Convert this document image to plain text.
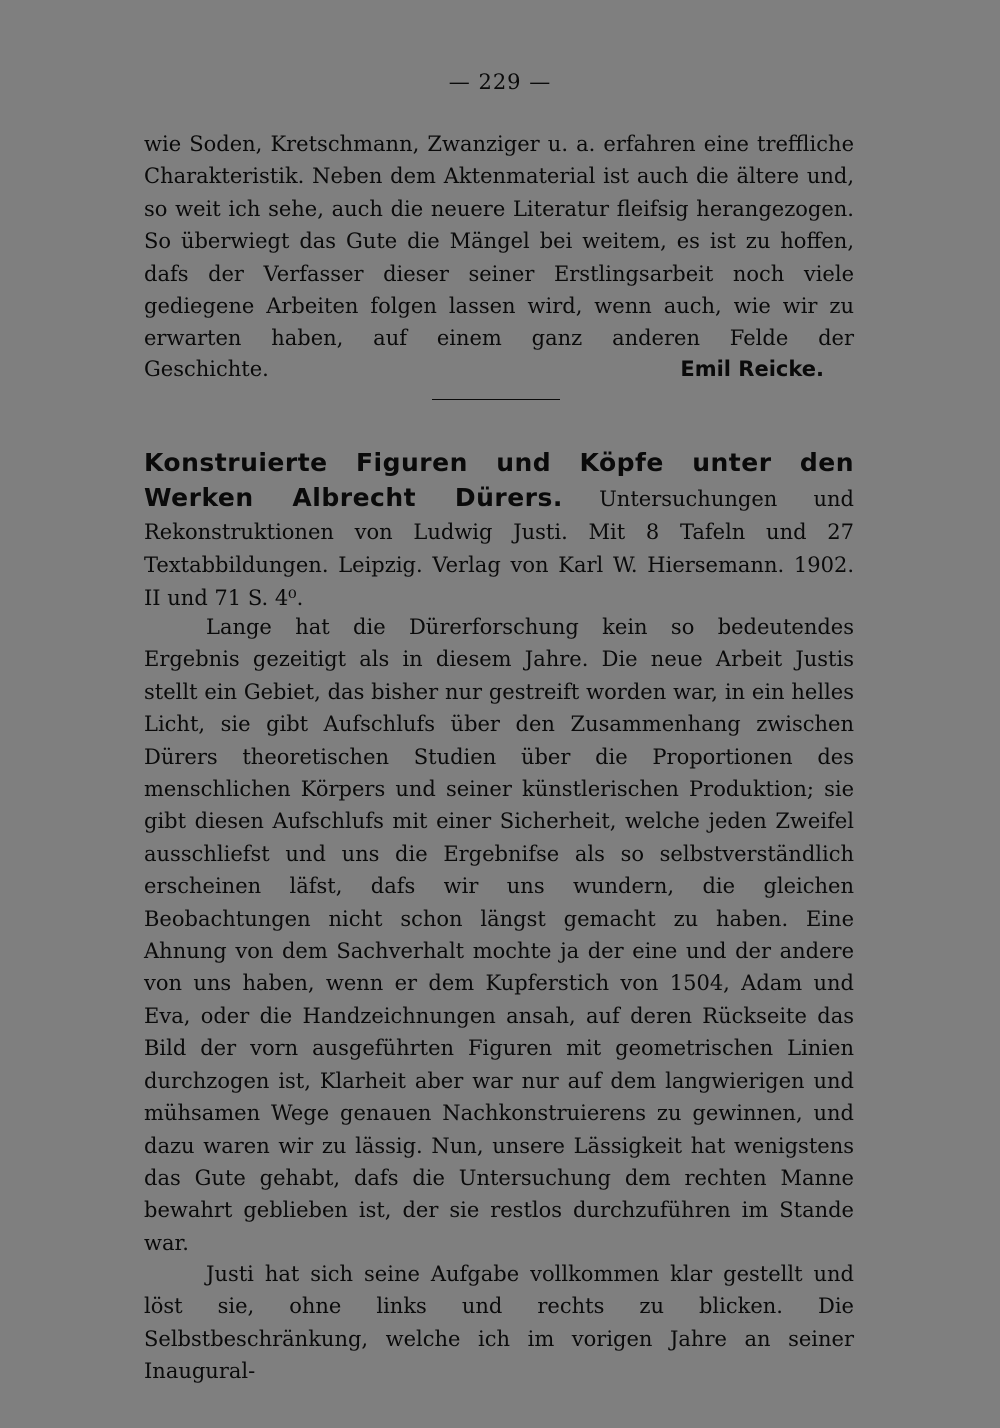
— 229 —

wie Soden, Kretschmann, Zwanziger u. a. erfahren eine treffliche Charakteristik. Neben dem Aktenmaterial ist auch die ältere und, so weit ich sehe, auch die neuere Literatur fleifsig herangezogen. So überwiegt das Gute die Mängel bei weitem, es ist zu hoffen, dafs der Verfasser dieser seiner Erstlingsarbeit noch viele gediegene Arbeiten folgen lassen wird, wenn auch, wie wir zu erwarten haben, auf einem ganz anderen Felde der

Geschichte.	Emil Reicke.

Konstruierte Figuren und Köpfe unter den Werken Albrecht Dürers. Untersuchungen und Rekonstruktionen von Ludwig Justi. Mit 8 Tafeln und 27 Textabbildungen. Leipzig. Verlag von Karl W. Hiersemann. 1902. II und 71 S. 4⁰.

Lange hat die Dürerforschung kein so bedeutendes Ergebnis gezeitigt als in diesem Jahre. Die neue Arbeit Justis stellt ein Gebiet, das bisher nur gestreift worden war, in ein helles Licht, sie gibt Aufschlufs über den Zusammenhang zwischen Dürers theoretischen Studien über die Proportionen des menschlichen Körpers und seiner künstlerischen Produktion; sie gibt diesen Aufschlufs mit einer Sicherheit, welche jeden Zweifel ausschliefst und uns die Ergebnifse als so selbstverständlich erscheinen läfst, dafs wir uns wundern, die gleichen Beobachtungen nicht schon längst gemacht zu haben. Eine Ahnung von dem Sachverhalt mochte ja der eine und der andere von uns haben, wenn er dem Kupferstich von 1504, Adam und Eva, oder die Handzeichnungen ansah, auf deren Rückseite das Bild der vorn ausgeführten Figuren mit geometrischen Linien durchzogen ist, Klarheit aber war nur auf dem langwierigen und mühsamen Wege genauen Nachkonstruierens zu gewinnen, und dazu waren wir zu lässig. Nun, unsere Lässigkeit hat wenigstens das Gute gehabt, dafs die Untersuchung dem rechten Manne bewahrt geblieben ist, der sie restlos durchzuführen im Stande war.

Justi hat sich seine Aufgabe vollkommen klar gestellt und löst sie, ohne links und rechts zu blicken. Die Selbstbeschränkung, welche ich im vorigen Jahre an seiner Inaugural-
